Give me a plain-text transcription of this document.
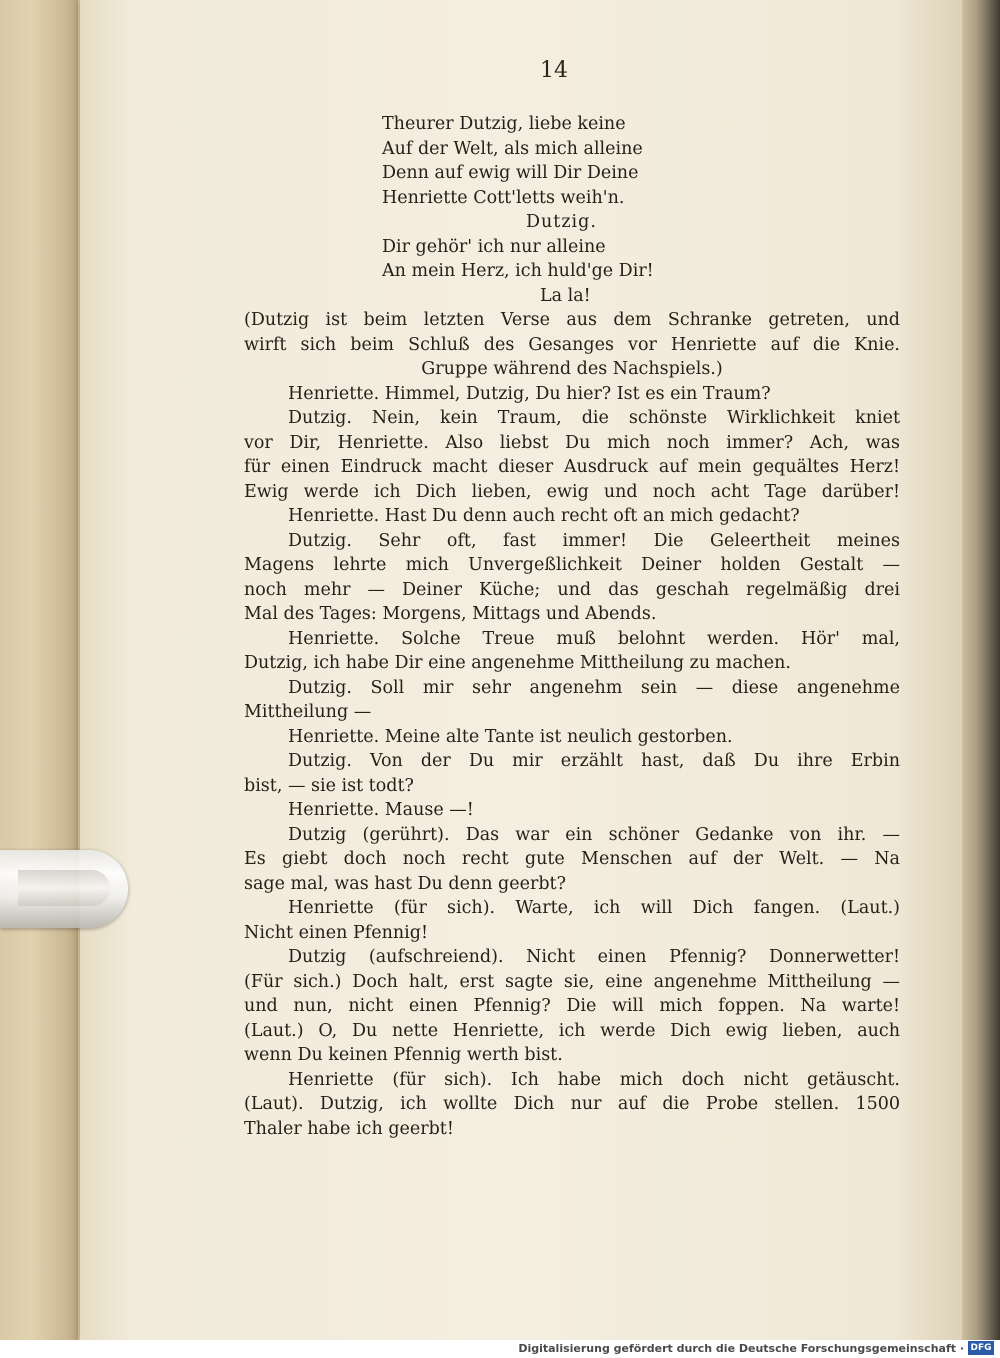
14
Theurer Dutzig, liebe keine
Auf der Welt, als mich alleine
Denn auf ewig will Dir Deine
Henriette Cott'letts weih'n.
Dutzig.
Dir gehör' ich nur alleine
An mein Herz, ich huld'ge Dir!
La la!
(Dutzig ist beim letzten Verse aus dem Schranke getreten, und
wirft sich beim Schluß des Gesanges vor Henriette auf die Knie.
Gruppe während des Nachspiels.)
Henriette. Himmel, Dutzig, Du hier? Ist es ein Traum?
Dutzig. Nein, kein Traum, die schönste Wirklichkeit kniet
vor Dir, Henriette. Also liebst Du mich noch immer? Ach, was
für einen Eindruck macht dieser Ausdruck auf mein gequältes Herz!
Ewig werde ich Dich lieben, ewig und noch acht Tage darüber!
Henriette. Hast Du denn auch recht oft an mich gedacht?
Dutzig. Sehr oft, fast immer! Die Geleertheit meines
Magens lehrte mich Unvergeßlichkeit Deiner holden Gestalt —
noch mehr — Deiner Küche; und das geschah regelmäßig drei
Mal des Tages: Morgens, Mittags und Abends.
Henriette. Solche Treue muß belohnt werden. Hör' mal,
Dutzig, ich habe Dir eine angenehme Mittheilung zu machen.
Dutzig. Soll mir sehr angenehm sein — diese angenehme
Mittheilung —
Henriette. Meine alte Tante ist neulich gestorben.
Dutzig. Von der Du mir erzählt hast, daß Du ihre Erbin
bist, — sie ist todt?
Henriette. Mause —!
Dutzig (gerührt). Das war ein schöner Gedanke von ihr. —
Es giebt doch noch recht gute Menschen auf der Welt. — Na
sage mal, was hast Du denn geerbt?
Henriette (für sich). Warte, ich will Dich fangen. (Laut.)
Nicht einen Pfennig!
Dutzig (aufschreiend). Nicht einen Pfennig? Donnerwetter!
(Für sich.) Doch halt, erst sagte sie, eine angenehme Mittheilung —
und nun, nicht einen Pfennig? Die will mich foppen. Na warte!
(Laut.) O, Du nette Henriette, ich werde Dich ewig lieben, auch
wenn Du keinen Pfennig werth bist.
Henriette (für sich). Ich habe mich doch nicht getäuscht.
(Laut). Dutzig, ich wollte Dich nur auf die Probe stellen. 1500
Thaler habe ich geerbt!
Digitalisierung gefördert durch die Deutsche Forschungsgemeinschaft · DFG
